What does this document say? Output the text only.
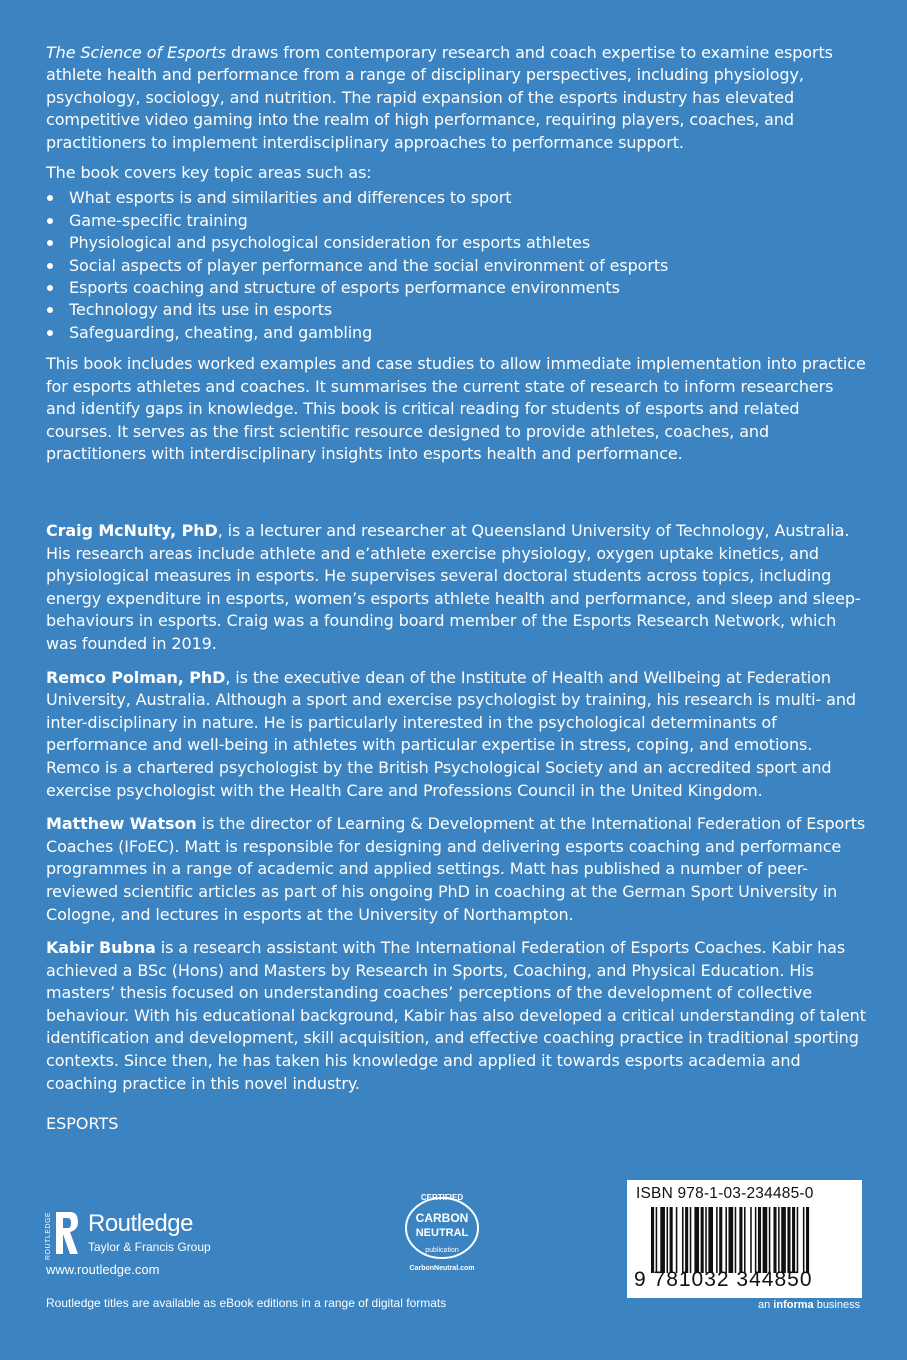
The Science of Esports draws from contemporary research and coach expertise to examine esports athlete health and performance from a range of disciplinary perspectives, including physiology, psychology, sociology, and nutrition. The rapid expansion of the esports industry has elevated competitive video gaming into the realm of high performance, requiring players, coaches, and practitioners to implement interdisciplinary approaches to performance support.

The book covers key topic areas such as:

What esports is and similarities and differences to sport
Game-specific training
Physiological and psychological consideration for esports athletes
Social aspects of player performance and the social environment of esports
Esports coaching and structure of esports performance environments
Technology and its use in esports
Safeguarding, cheating, and gambling

This book includes worked examples and case studies to allow immediate implementation into practice for esports athletes and coaches. It summarises the current state of research to inform researchers and identify gaps in knowledge. This book is critical reading for students of esports and related courses. It serves as the first scientific resource designed to provide athletes, coaches, and practitioners with interdisciplinary insights into esports health and performance.

Craig McNulty, PhD, is a lecturer and researcher at Queensland University of Technology, Australia. His research areas include athlete and e’athlete exercise physiology, oxygen uptake kinetics, and physiological measures in esports. He supervises several doctoral students across topics, including energy expenditure in esports, women’s esports athlete health and performance, and sleep and sleep-behaviours in esports. Craig was a founding board member of the Esports Research Network, which was founded in 2019.

Remco Polman, PhD, is the executive dean of the Institute of Health and Wellbeing at Federation University, Australia. Although a sport and exercise psychologist by training, his research is multi- and inter-disciplinary in nature. He is particularly interested in the psychological determinants of performance and well-being in athletes with particular expertise in stress, coping, and emotions. Remco is a chartered psychologist by the British Psychological Society and an accredited sport and exercise psychologist with the Health Care and Professions Council in the United Kingdom.

Matthew Watson is the director of Learning & Development at the International Federation of Esports Coaches (IFoEC). Matt is responsible for designing and delivering esports coaching and performance programmes in a range of academic and applied settings. Matt has published a number of peer-reviewed scientific articles as part of his ongoing PhD in coaching at the German Sport University in Cologne, and lectures in esports at the University of Northampton.

Kabir Bubna is a research assistant with The International Federation of Esports Coaches. Kabir has achieved a BSc (Hons) and Masters by Research in Sports, Coaching, and Physical Education. His masters’ thesis focused on understanding coaches’ perceptions of the development of collective behaviour. With his educational background, Kabir has also developed a critical understanding of talent identification and development, skill acquisition, and effective coaching practice in traditional sporting contexts. Since then, he has taken his knowledge and applied it towards esports academia and coaching practice in this novel industry.

ESPORTS
ROUTLEDGE Routledge
Taylor & Francis Group
www.routledge.com
CERTIFIED
CARBON
NEUTRAL
publication
CarbonNeutral.com
ISBN 978-1-03-234485-0
9 781032 344850
an informa business
Routledge titles are available as eBook editions in a range of digital formats
